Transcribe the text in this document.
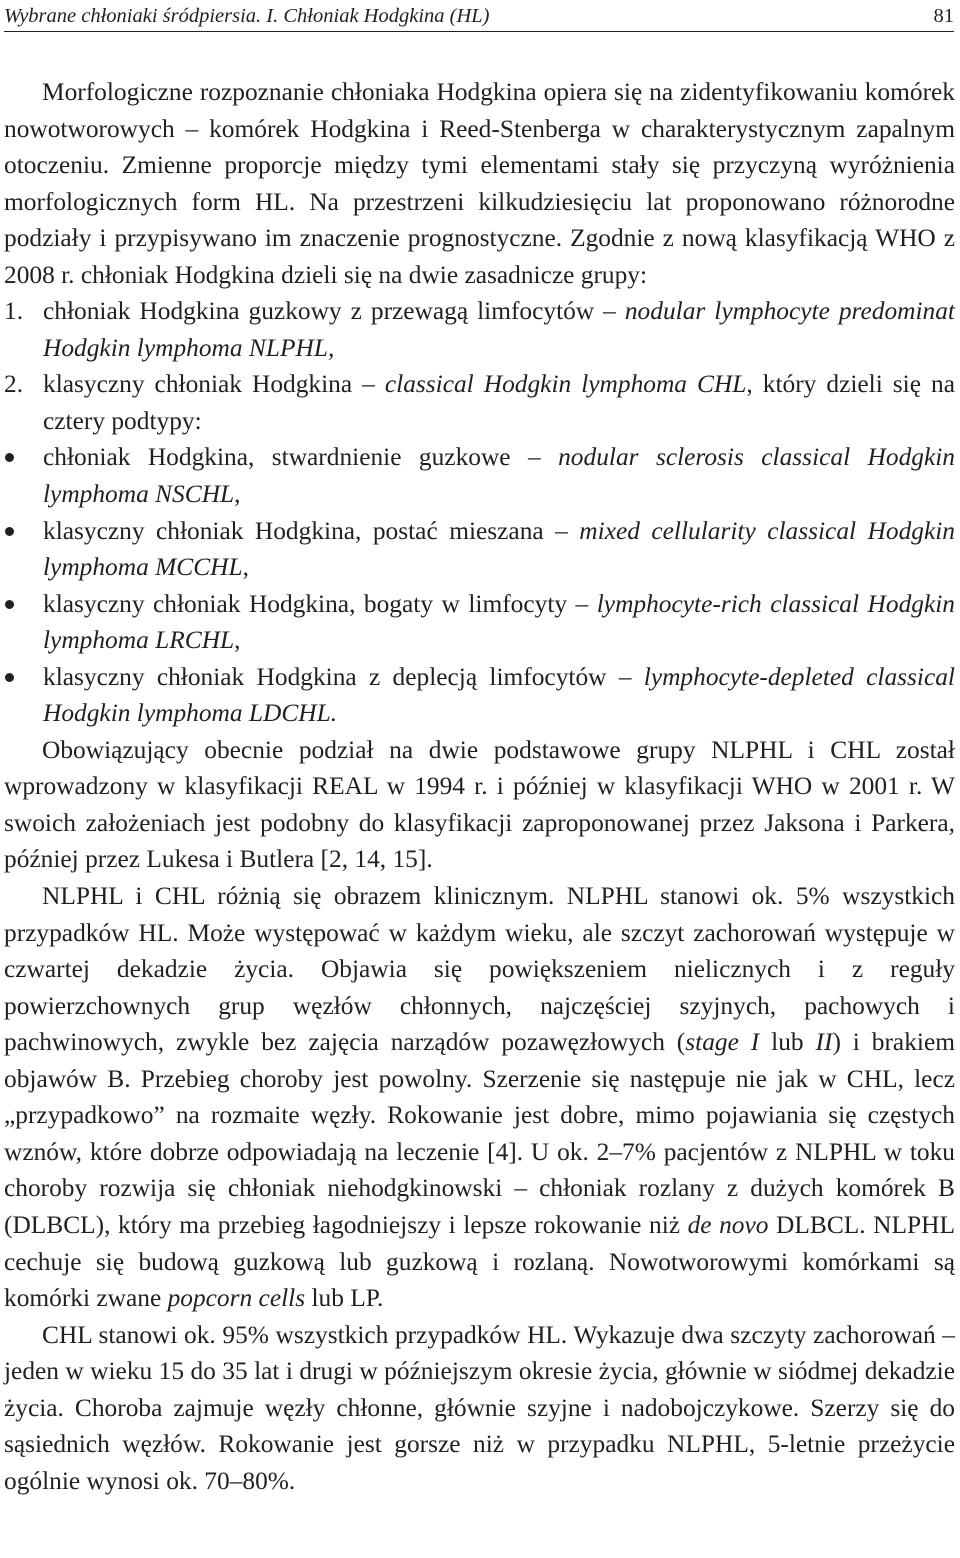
Wybrane chłoniaki śródpiersia. I. Chłoniak Hodgkina (HL)	81

Morfologiczne rozpoznanie chłoniaka Hodgkina opiera się na zidentyfikowaniu komórek nowotworowych – komórek Hodgkina i Reed-Stenberga w charakterystycznym zapalnym otoczeniu. Zmienne proporcje między tymi elementami stały się przyczyną wyróżnienia morfologicznych form HL. Na przestrzeni kilkudziesięciu lat proponowano różnorodne podziały i przypisywano im znaczenie prognostyczne. Zgodnie z nową klasyfikacją WHO z 2008 r. chłoniak Hodgkina dzieli się na dwie zasadnicze grupy:

1. chłoniak Hodgkina guzkowy z przewagą limfocytów – nodular lymphocyte predominat Hodgkin lymphoma NLPHL,

2. klasyczny chłoniak Hodgkina – classical Hodgkin lymphoma CHL, który dzieli się na cztery podtypy:

chłoniak Hodgkina, stwardnienie guzkowe – nodular sclerosis classical Hodgkin lymphoma NSCHL,

klasyczny chłoniak Hodgkina, postać mieszana – mixed cellularity classical Hodgkin lymphoma MCCHL,

klasyczny chłoniak Hodgkina, bogaty w limfocyty – lymphocyte-rich classical Hodgkin lymphoma LRCHL,

klasyczny chłoniak Hodgkina z deplecją limfocytów – lymphocyte-depleted classical Hodgkin lymphoma LDCHL.

Obowiązujący obecnie podział na dwie podstawowe grupy NLPHL i CHL został wprowadzony w klasyfikacji REAL w 1994 r. i później w klasyfikacji WHO w 2001 r. W swoich założeniach jest podobny do klasyfikacji zaproponowanej przez Jaksona i Parkera, później przez Lukesa i Butlera [2, 14, 15].

NLPHL i CHL różnią się obrazem klinicznym. NLPHL stanowi ok. 5% wszystkich przypadków HL. Może występować w każdym wieku, ale szczyt zachorowań występuje w czwartej dekadzie życia. Objawia się powiększeniem nielicznych i z reguły powierzchownych grup węzłów chłonnych, najczęściej szyjnych, pachowych i pachwinowych, zwykle bez zajęcia narządów pozawęzłowych (stage I lub II) i brakiem objawów B. Przebieg choroby jest powolny. Szerzenie się następuje nie jak w CHL, lecz „przypadkowo” na rozmaite węzły. Rokowanie jest dobre, mimo pojawiania się częstych wznów, które dobrze odpowiadają na leczenie [4]. U ok. 2–7% pacjentów z NLPHL w toku choroby rozwija się chłoniak niehodgkinowski – chłoniak rozlany z dużych komórek B (DLBCL), który ma przebieg łagodniejszy i lepsze rokowanie niż de novo DLBCL. NLPHL cechuje się budową guzkową lub guzkową i rozlaną. Nowotworowymi komórkami są komórki zwane popcorn cells lub LP.

CHL stanowi ok. 95% wszystkich przypadków HL. Wykazuje dwa szczyty zachorowań – jeden w wieku 15 do 35 lat i drugi w późniejszym okresie życia, głównie w siódmej dekadzie życia. Choroba zajmuje węzły chłonne, głównie szyjne i nadobojczykowe. Szerzy się do sąsiednich węzłów. Rokowanie jest gorsze niż w przypadku NLPHL, 5-letnie przeżycie ogólnie wynosi ok. 70–80%.
